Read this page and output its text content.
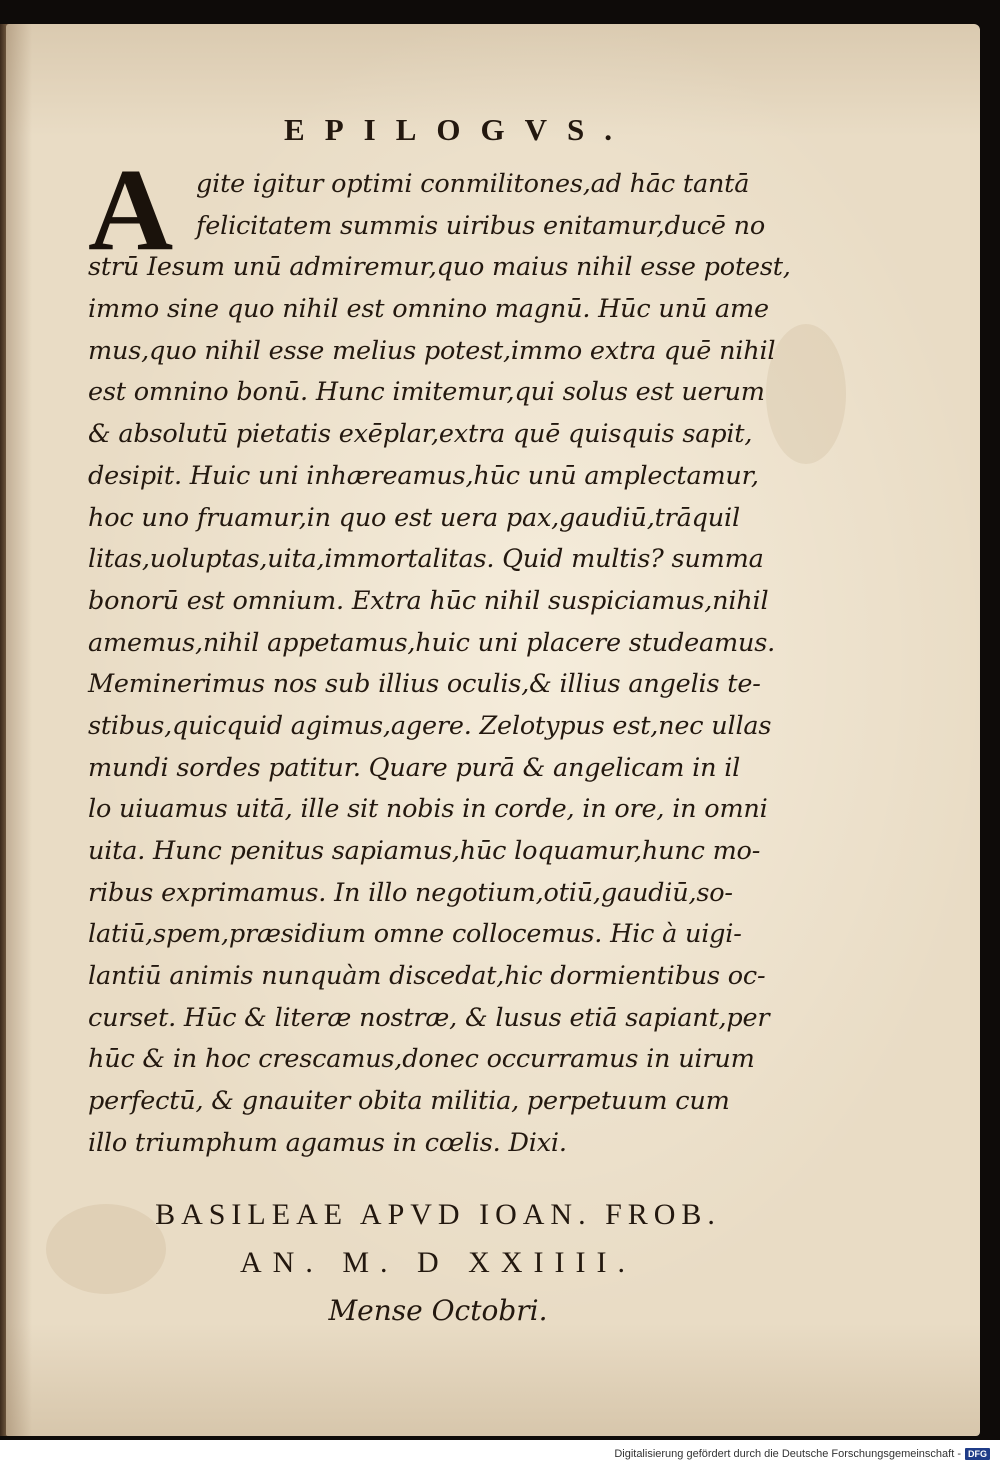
EPILOGVS.
A gite igitur optimi conmilitones,ad hāc tantā
felicitatem summis uiribus enitamur,ducē no
strū Iesum unū admiremur,quo maius nihil esse potest,
immo sine quo nihil est omnino magnū. Hūc unū ame
mus,quo nihil esse melius potest,immo extra quē nihil
est omnino bonū. Hunc imitemur,qui solus est uerum
& absolutū pietatis exēplar,extra quē quisquis sapit,
desipit. Huic uni inhæreamus,hūc unū amplectamur,
hoc uno fruamur,in quo est uera pax,gaudiū,trāquil
litas,uoluptas,uita,immortalitas. Quid multis? summa
bonorū est omnium. Extra hūc nihil suspiciamus,nihil
amemus,nihil appetamus,huic uni placere studeamus.
Meminerimus nos sub illius oculis,& illius angelis te-
stibus,quicquid agimus,agere. Zelotypus est,nec ullas
mundi sordes patitur. Quare purā & angelicam in il
lo uiuamus uitā, ille sit nobis in corde, in ore, in omni
uita. Hunc penitus sapiamus,hūc loquamur,hunc mo-
ribus exprimamus. In illo negotium,otiū,gaudiū,so-
latiū,spem,præsidium omne collocemus. Hic à uigi-
lantiū animis nunquàm discedat,hic dormientibus oc-
curset. Hūc & literæ nostræ, & lusus etiā sapiant,per
hūc & in hoc crescamus,donec occurramus in uirum
perfectū, & gnauiter obita militia, perpetuum cum
illo triumphum agamus in cœlis. Dixi.
BASILEAE APVD IOAN. FROB.
AN. M. D XXIIII.
Mense Octobri.
Digitalisierung gefördert durch die Deutsche Forschungsgemeinschaft - DFG
